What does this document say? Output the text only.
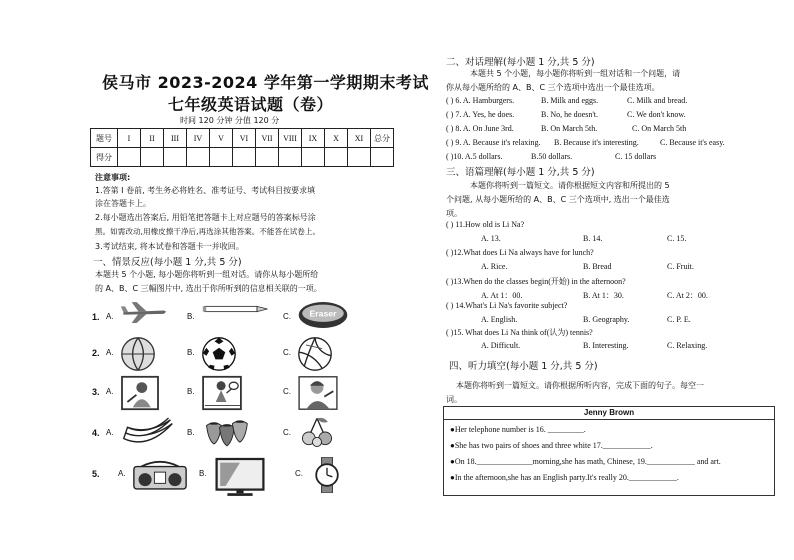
侯马市 2023-2024 学年第一学期期末考试
七年级英语试题（卷）
时间 120 分钟 分值 120 分
题号	I	II	III	IV	V	VI	VII	VIII	IX	X	XI	总分
得分												
注意事项:
1.答第 I 卷前, 考生务必将姓名、准考证号、考试科目按要求填
涂在答题卡上。
2.每小题选出答案后, 用铅笔把答题卡上对应题号的答案标号涂
黑。如需改动,用橡皮擦干净后,再选涂其他答案。不能答在试卷上。
3.考试结束, 将本试卷和答题卡一并收回。
一、情景反应(每小题 1 分,共 5 分)
本题共 5 个小题, 每小题你将听到一组对话。请你从每小题所给
的 A、B、C 三幅图片中, 选出于你所听到的信息相关联的一项。
1. A.	B.	C. Eraser
2. A.	B.	C.
3. A.	B.	C.
4. A.	B.	C.
5. A.	B.	C.
二、对话理解(每小题 1 分,共 5 分)
本题共 5 个小题，每小题你将听到一组对话和一个问题，请
你从每小题所给的 A、B、C 三个选项中选出一个最佳选项。
( ) 6. A. Hamburgers.	B. Milk and eggs.	C. Milk and bread.
( ) 7. A. Yes, he does.	B. No, he doesn't.	C. We don't know.
( ) 8. A. On June 3rd.	B. On March 5th.	C. On March 5th
( ) 9. A. Because it's relaxing. B. Because it's interesting.	C. Because it's easy.
( )10. A.5 dollars.	B.50 dollars.	C. 15 dollars
三、语篇理解(每小题 1 分,共 5 分)
本题你将听到一篇短文。请你根据短文内容和所提出的 5
个问题, 从每小题所给的 A、B、C 三个选项中, 选出一个最佳选
项。
( ) 11.How old is Li Na?
A. 13.	B. 14.	C. 15.
( )12.What does Li Na always have for lunch?
A. Rice.	B. Bread	C. Fruit.
( )13.When do the classes begin(开始) in the afternoon?
A. At 1：00.	B. At 1：30.	C. At 2：00.
( ) 14.What's Li Na's favorite subject?
A. English.	B. Geography.	C. P. E.
( )15. What does Li Na think of(认为) tennis?
A. Difficult.	B. Interesting.	C. Relaxing.
四、听力填空(每小题 1 分,共 5 分)
本题你将听到一篇短文。请你根据所听内容，完成下面的句子。每空一
词。
Jenny Brown
●Her telephone number is 16. _________.
●She has two pairs of shoes and three white 17.____________.
●On 18.______________morning,she has math, Chinese, 19.____________ and art.
●In the afternoon,she has an English party.It's really 20.____________.
